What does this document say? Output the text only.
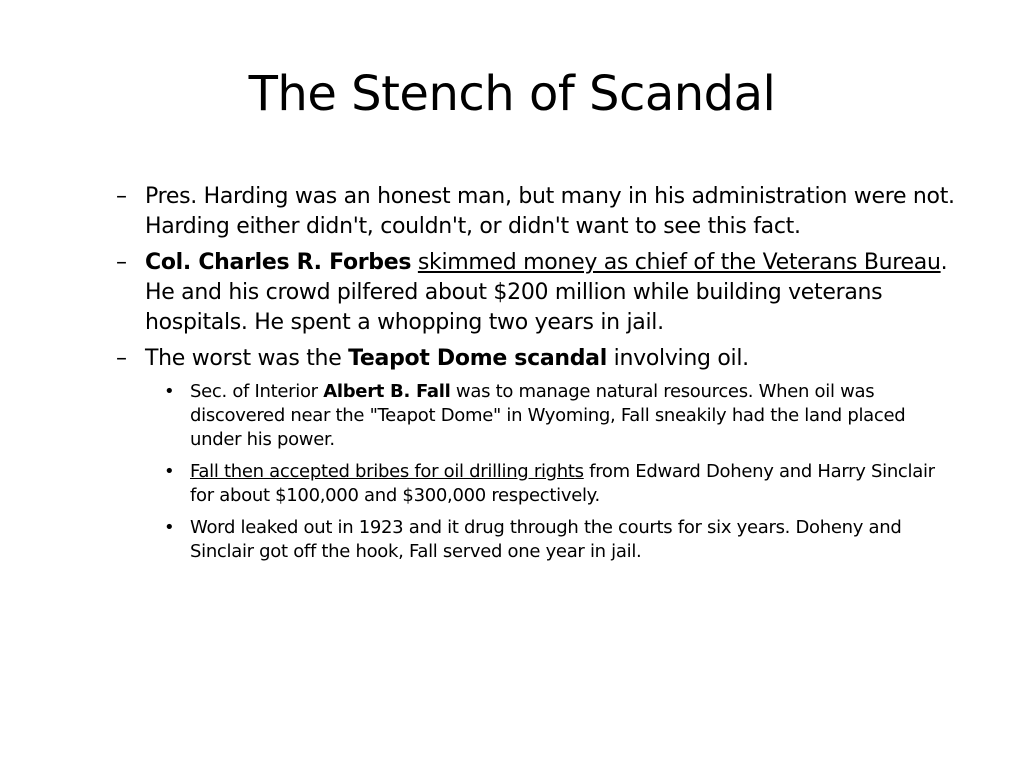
The Stench of Scandal
– Pres. Harding was an honest man, but many in his administration were not. Harding either didn't, couldn't, or didn't want to see this fact.
– Col. Charles R. Forbes skimmed money as chief of the Veterans Bureau. He and his crowd pilfered about $200 million while building veterans hospitals. He spent a whopping two years in jail.
– The worst was the Teapot Dome scandal involving oil.
• Sec. of Interior Albert B. Fall was to manage natural resources. When oil was discovered near the "Teapot Dome" in Wyoming, Fall sneakily had the land placed under his power.
• Fall then accepted bribes for oil drilling rights from Edward Doheny and Harry Sinclair for about $100,000 and $300,000 respectively.
• Word leaked out in 1923 and it drug through the courts for six years. Doheny and Sinclair got off the hook, Fall served one year in jail.
